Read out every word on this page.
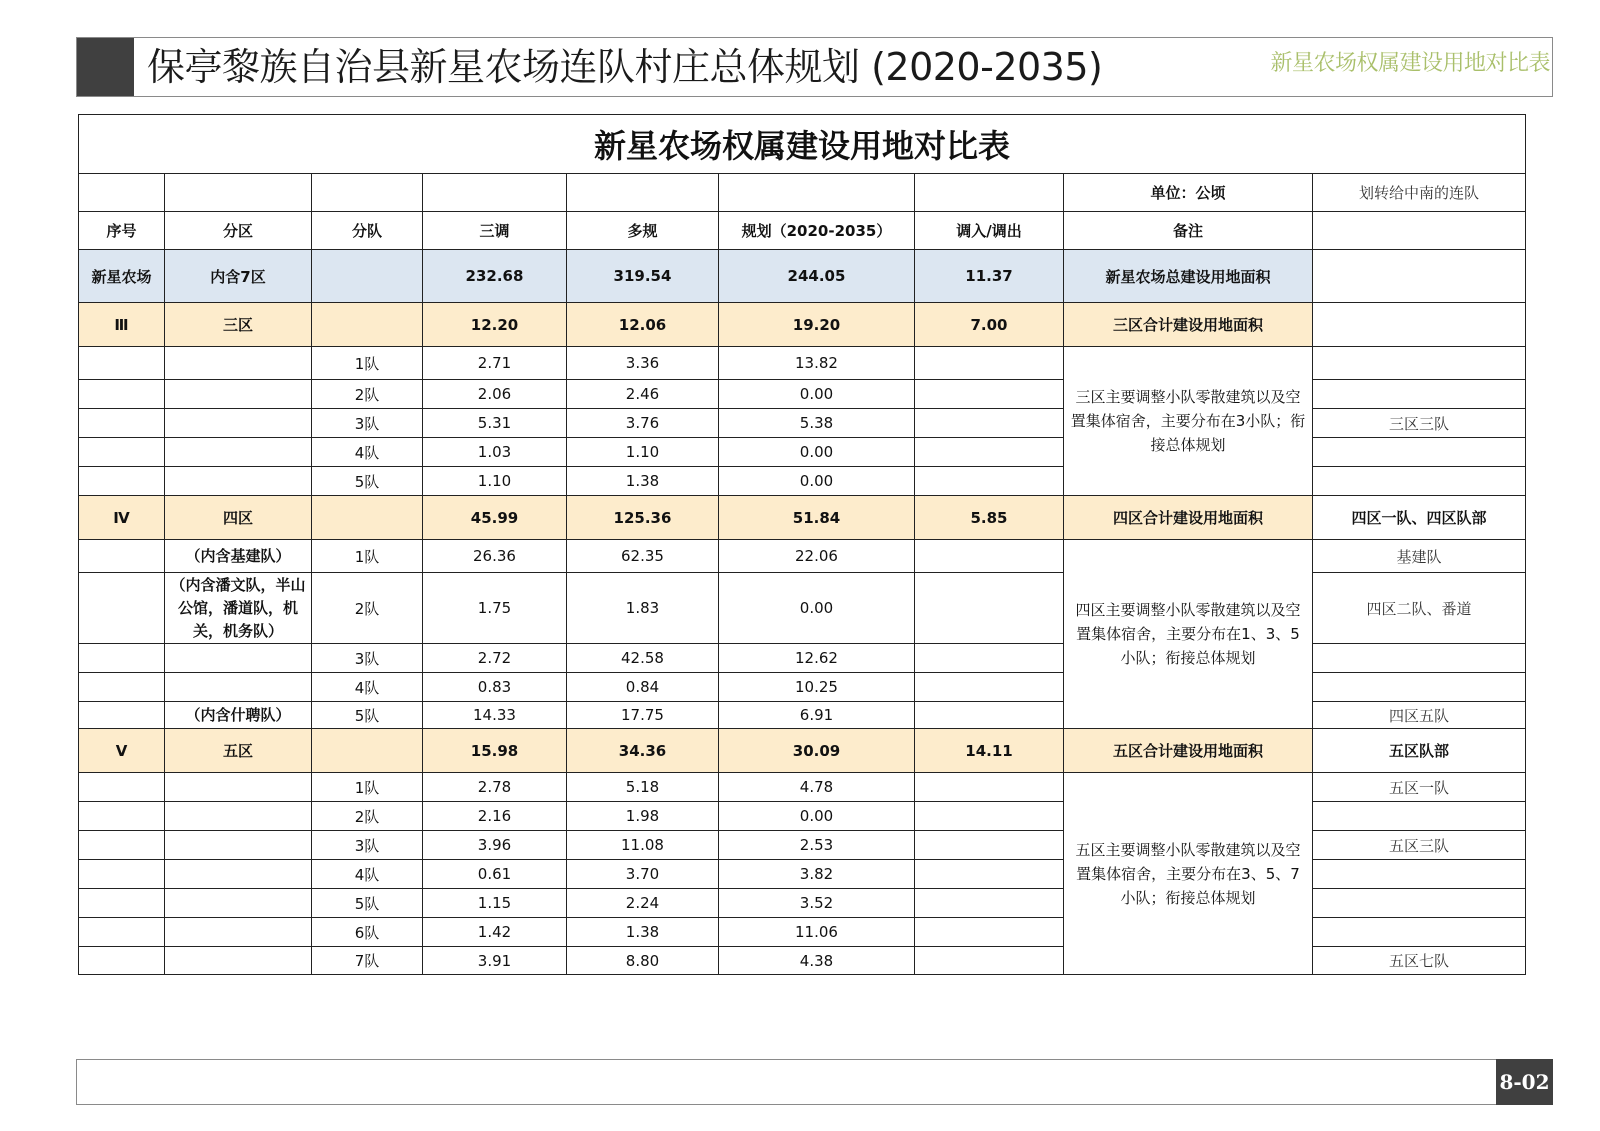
保亭黎族自治县新星农场连队村庄总体规划 (2020-2035)	新星农场权属建设用地对比表
新星农场权属建设用地对比表								
							单位：公顷	划转给中南的连队
序号	分区	分队	三调	多规	规划（2020-2035）	调入/调出	备注	
新星农场	内含7区		232.68	319.54	244.05	11.37	新星农场总建设用地面积	
Ⅲ	三区		12.20	12.06	19.20	7.00	三区合计建设用地面积	
		1队	2.71	3.36	13.82		三区主要调整小队零散建筑以及空置集体宿舍，主要分布在3小队；衔接总体规划	
		2队	2.06	2.46	0.00			
		3队	5.31	3.76	5.38			三区三队
		4队	1.03	1.10	0.00			
		5队	1.10	1.38	0.00			
Ⅳ	四区		45.99	125.36	51.84	5.85	四区合计建设用地面积	四区一队、四区队部
	（内含基建队）	1队	26.36	62.35	22.06		四区主要调整小队零散建筑以及空置集体宿舍，主要分布在1、3、5小队；衔接总体规划	基建队
	（内含潘文队，半山公馆，潘道队，机关，机务队）	2队	1.75	1.83	0.00			四区二队、番道
		3队	2.72	42.58	12.62			
		4队	0.83	0.84	10.25			
	（内含什聘队）	5队	14.33	17.75	6.91			四区五队
Ⅴ	五区		15.98	34.36	30.09	14.11	五区合计建设用地面积	五区队部
		1队	2.78	5.18	4.78		五区主要调整小队零散建筑以及空置集体宿舍，主要分布在3、5、7小队；衔接总体规划	五区一队
		2队	2.16	1.98	0.00			
		3队	3.96	11.08	2.53			五区三队
		4队	0.61	3.70	3.82			
		5队	1.15	2.24	3.52			
		6队	1.42	1.38	11.06			
		7队	3.91	8.80	4.38			五区七队
8-02
